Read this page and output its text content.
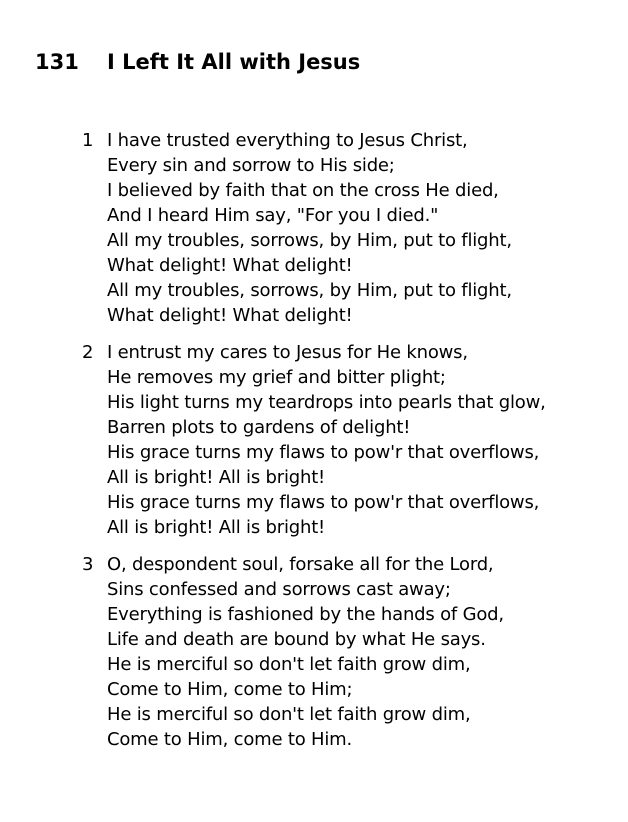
131 I Left It All with Jesus
1 I have trusted everything to Jesus Christ,
Every sin and sorrow to His side;
I believed by faith that on the cross He died,
And I heard Him say, "For you I died."
All my troubles, sorrows, by Him, put to flight,
What delight! What delight!
All my troubles, sorrows, by Him, put to flight,
What delight! What delight!
2 I entrust my cares to Jesus for He knows,
He removes my grief and bitter plight;
His light turns my teardrops into pearls that glow,
Barren plots to gardens of delight!
His grace turns my flaws to pow'r that overflows,
All is bright! All is bright!
His grace turns my flaws to pow'r that overflows,
All is bright! All is bright!
3 O, despondent soul, forsake all for the Lord,
Sins confessed and sorrows cast away;
Everything is fashioned by the hands of God,
Life and death are bound by what He says.
He is merciful so don't let faith grow dim,
Come to Him, come to Him;
He is merciful so don't let faith grow dim,
Come to Him, come to Him.
